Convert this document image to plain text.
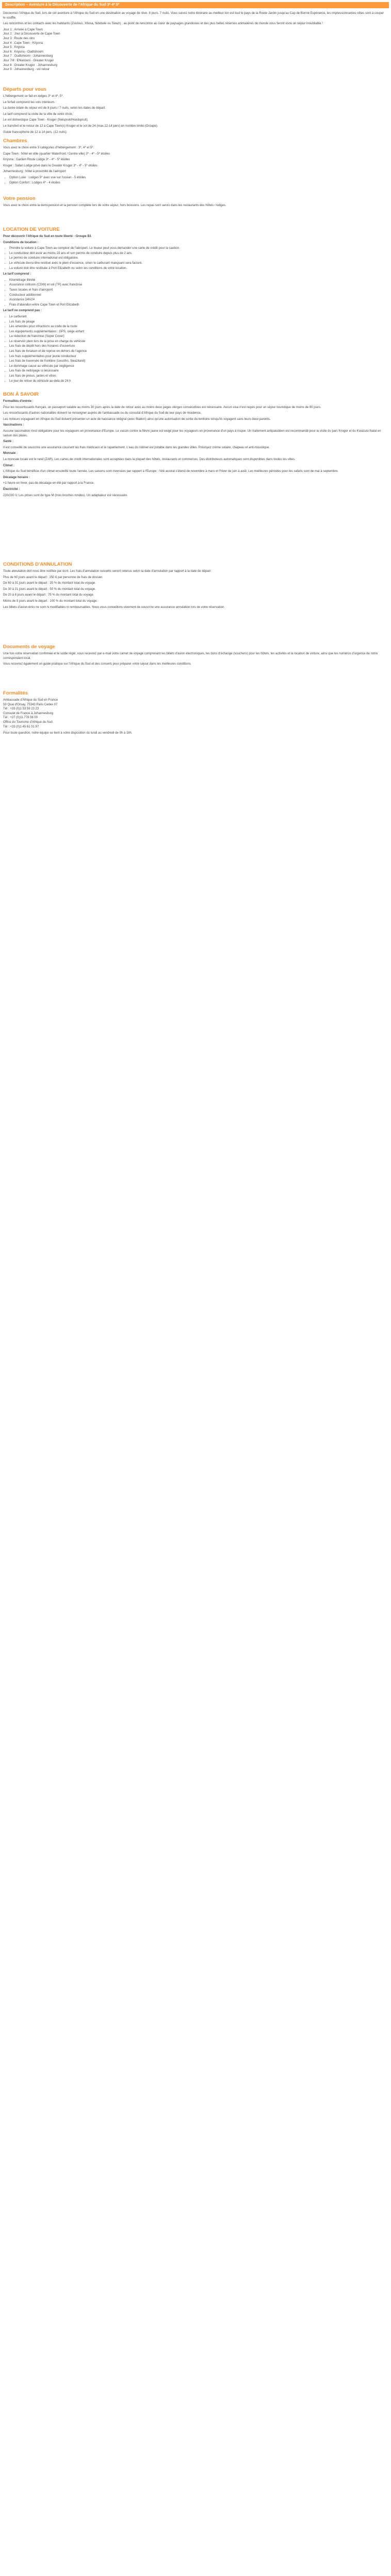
Description – Aventure à la Découverte de l'Afrique du Sud 3* 4* 5*

Découvrez l'Afrique du Sud, lors de cet aventure à l'Afrique du Sud en une destination au voyage de rêve. 8 jours. 7 nuits. Vous suivez notre itinéraire au meilleur ton est tout le pays de la Route Jardin jusqu'au Cap de Bonne Espérance, les impressionnantes côtes sont à couper le souffle.

Les rencontres et les contacts avec les habitants (Zoulous, Xhosa, Ndebele ou Swazi) ; au point de rencontre au cœur de paysages grandioses et des plus belles réserves animalières du monde vous feront vivre un séjour inoubliable !

Jour 1 : Arrivée à Cape Town
Jour 2 : Jour à Découverte de Cape Town
Jour 3 : Route des vins
Jour 4 : Cape Town - Knysna
Jour 5 : Knysna
Jour 6 : Knysna - Oudtshoorn
Jour 7 : Oudtshoorn - Johannesburg
Jour 7/8 : Ehlanzeni - Greater Kruger
Jour 8 : Greater Kruger - Johannesburg
Jour 9 : Johannesburg - vol retour
Départs pour vous

L'hébergement se fait en lodges 3* et 4*, 5*.

Le forfait comprend les vols intérieurs :

La durée totale du séjour est de 8 jours / 7 nuits, selon les dates de départ.

Le tarif comprend la visite de la ville de votre choix.

Le vol domestique Cape Town - Kruger (Nelspruit/Hoedspruit).

Le transfert et le retour de 12 à Cape Town(s) Kruger et le vol de 24 (max.12-14 pers) en nombre limité (Groupe).

Guide francophone de 12 à 14 pers. (12 nuits).

Chambres

Vous avez le choix entre 3 catégories d'hébergement : 3*, 4* et 5*.

Cape Town : hôtel en ville (quartier Waterfront / Centre ville) 3* - 4* - 5* étoiles

Knysna : Garden Route Lodge 3* - 4* - 5* étoiles

Kruger : Safari Lodge privé dans le Greater Kruger 3* - 4* - 5* étoiles

Johannesburg : hôtel à proximité de l'aéroport

• Option Luxe : Lodges 5* avec vue sur l'océan - 5 étoiles
• Option Confort : Lodges 4* - 4 étoiles
Votre pension

Vous avez le choix entre la demi-pension et la pension complète lors de votre séjour, hors boissons. Les repas sont servis dans les restaurants des hôtels / lodges.

LOCATION DE VOITURE

Pour découvrir l'Afrique du Sud en toute liberté - Groupe B1

Conditions de location :

• Prendre la voiture à Cape Town au comptoir de l'aéroport. Le loueur peut vous demander une carte de crédit pour la caution.
• Le conducteur doit avoir au moins 23 ans et son permis de conduire depuis plus de 2 ans.
• Le permis de conduire international est obligatoire.
• Le véhicule devra être restitué avec le plein d'essence, sinon le carburant manquant sera facturé.
• La voiture doit être restituée à Port Elizabeth ou selon les conditions de votre location.

Le tarif comprend :

• Kilométrage illimité
• Assurance collision (CDW) et vol (TP) avec franchise
• Taxes locales et frais d'aéroport
• Conducteur additionnel
• Assistance 24h/24
• Frais d'abandon entre Cape Town et Port Elizabeth

Le tarif ne comprend pas :

• Le carburant
• Les frais de péage
• Les amendes pour infractions au code de la route
• Les équipements supplémentaires : GPS, siège enfant
• La réduction de franchise (Super Cover)
• Le réservoir plein lors de la prise en charge du véhicule
• Les frais de dépôt hors des horaires d'ouverture
• Les frais de livraison et de reprise en dehors de l'agence
• Les frais supplémentaires pour jeune conducteur
• Les frais de traversée de frontière (Lesotho, Swaziland)
• Le dommage causé au véhicule par négligence
• Les frais de nettoyage si nécessaire
• Les frais de pneus, jantes et vitres
• Le jour de retour du véhicule au-delà de 24 h
BON À SAVOIR

Formalités d'entrée :

Pour les ressortissants français, un passeport valable au moins 30 jours après la date de retour avec au moins deux pages vierges consécutives est nécessaire. Aucun visa n'est requis pour un séjour touristique de moins de 90 jours.

Les ressortissants d'autres nationalités doivent se renseigner auprès de l'ambassade ou du consulat d'Afrique du Sud de leur pays de résidence.

Les mineurs voyageant en Afrique du Sud doivent présenter un acte de naissance intégral (avec filiation) ainsi qu'une autorisation de sortie du territoire lorsqu'ils voyagent sans leurs deux parents.

Vaccinations :

Aucune vaccination n'est obligatoire pour les voyageurs en provenance d'Europe. Le vaccin contre la fièvre jaune est exigé pour les voyageurs en provenance d'un pays à risque. Un traitement antipaludéen est recommandé pour la visite du parc Kruger et du Kwazulu-Natal en saison des pluies.

Santé :

Il est conseillé de souscrire une assurance couvrant les frais médicaux et le rapatriement. L'eau du robinet est potable dans les grandes villes. Prévoyez crème solaire, chapeau et anti-moustique.

Monnaie :

La monnaie locale est le rand (ZAR). Les cartes de crédit internationales sont acceptées dans la plupart des hôtels, restaurants et commerces. Des distributeurs automatiques sont disponibles dans toutes les villes.

Climat :

L'Afrique du Sud bénéficie d'un climat ensoleillé toute l'année. Les saisons sont inversées par rapport à l'Europe : l'été austral s'étend de novembre à mars et l'hiver de juin à août. Les meilleures périodes pour les safaris sont de mai à septembre.

Décalage horaire :

+1 heure en hiver, pas de décalage en été par rapport à la France.

Électricité :

220/230 V. Les prises sont de type M (trois broches rondes). Un adaptateur est nécessaire.

CONDITIONS D'ANNULATION

Toute annulation doit nous être notifiée par écrit. Les frais d'annulation suivants seront retenus selon la date d'annulation par rapport à la date de départ :

Plus de 60 jours avant le départ : 150 € par personne de frais de dossier.

De 60 à 31 jours avant le départ : 25 % du montant total du voyage.

De 30 à 21 jours avant le départ : 50 % du montant total du voyage.

De 20 à 8 jours avant le départ : 75 % du montant total du voyage.

Moins de 8 jours avant le départ : 100 % du montant total du voyage.

Les billets d'avion émis ne sont ni modifiables ni remboursables. Nous vous conseillons vivement de souscrire une assurance annulation lors de votre réservation.

Documents de voyage

Une fois votre réservation confirmée et le solde réglé, vous recevrez par e-mail votre carnet de voyage comprenant les billets d'avion électroniques, les bons d'échange (vouchers) pour les hôtels, les activités et la location de voiture, ainsi que les numéros d'urgence de notre correspondant local.

Vous recevrez également un guide pratique sur l'Afrique du Sud et des conseils pour préparer votre séjour dans les meilleures conditions.

Formalités
Ambassade d'Afrique du Sud en France
59 Quai d'Orsay, 75343 Paris Cedex 07
Tél : +33 (0)1 53 59 23 23
Consulat de France à Johannesburg
Tél : +27 (0)11 778 56 00
Office du Tourisme d'Afrique du Sud
Tél : +33 (0)1 45 61 01 97

Pour toute question, notre équipe se tient à votre disposition du lundi au vendredi de 9h à 18h.
